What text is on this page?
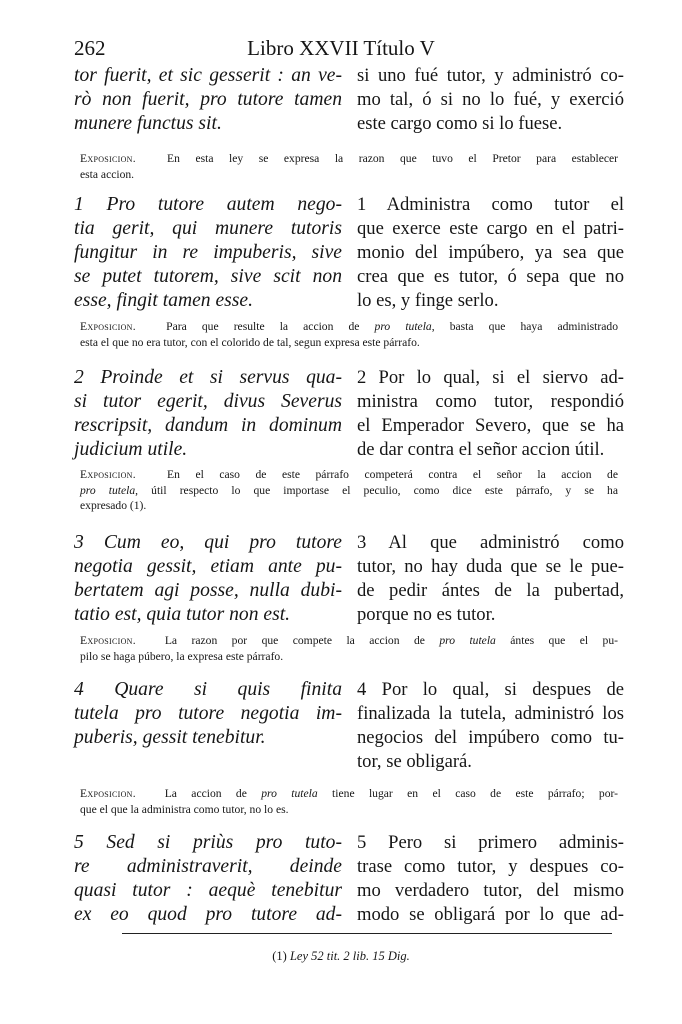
262	Libro XXVII Título V
tor fuerit, et sic gesserit : an ve-
rò non fuerit, pro tutore tamen
munere functus sit.
si uno fué tutor, y administró co-
mo tal, ó si no lo fué, y exerció
este cargo como si lo fuese.
Exposicion.	En esta ley se expresa la razon que tuvo el Pretor para establecer
esta accion.
1 Pro tutore autem nego-
tia gerit, qui munere tutoris
fungitur in re impuberis, sive
se putet tutorem, sive scit non
esse, fingit tamen esse.
1 Administra como tutor el
que exerce este cargo en el patri-
monio del impúbero, ya sea que
crea que es tutor, ó sepa que no
lo es, y finge serlo.
Exposicion.	Para que resulte la accion de pro tutela, basta que haya administrado
esta el que no era tutor, con el colorido de tal, segun expresa este párrafo.
2 Proinde et si servus qua-
si tutor egerit, divus Severus
rescripsit, dandum in dominum
judicium utile.
2 Por lo qual, si el siervo ad-
ministra como tutor, respondió
el Emperador Severo, que se ha
de dar contra el señor accion útil.
Exposicion.	En el caso de este párrafo competerá contra el señor la accion de
pro tutela, útil respecto lo que importase el peculio, como dice este párrafo, y se ha
expresado (1).
3 Cum eo, qui pro tutore
negotia gessit, etiam ante pu-
bertatem agi posse, nulla dubi-
tatio est, quia tutor non est.
3 Al que administró como
tutor, no hay duda que se le pue-
de pedir ántes de la pubertad,
porque no es tutor.
Exposicion. La razon por que compete la accion de pro tutela ántes que el pu-
pilo se haga púbero, la expresa este párrafo.
4 Quare si quis finita
tutela pro tutore negotia im-
puberis, gessit tenebitur.
4 Por lo qual, si despues de
finalizada la tutela, administró los
negocios del impúbero como tu-
tor, se obligará.
Exposicion. La accion de pro tutela tiene lugar en el caso de este párrafo; por-
que el que la administra como tutor, no lo es.
5 Sed si priùs pro tuto-
re administraverit, deinde
quasi tutor : aequè tenebitur
ex eo quod pro tutore ad-
5 Pero si primero adminis-
trase como tutor, y despues co-
mo verdadero tutor, del mismo
modo se obligará por lo que ad-
(1) Ley 52 tit. 2 lib. 15 Dig.
